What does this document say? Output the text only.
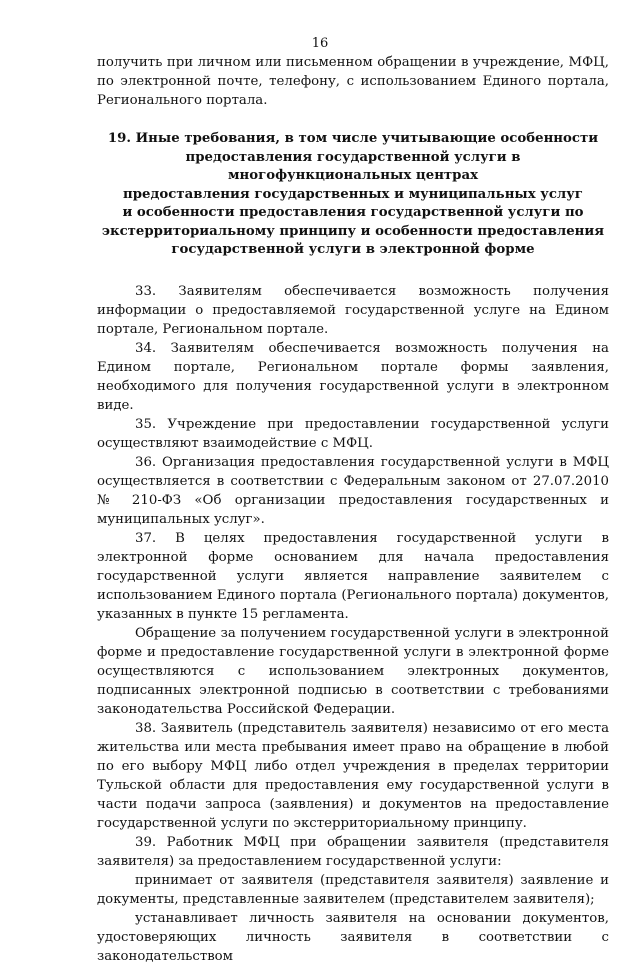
16

получить при личном или письменном обращении в учреждение, МФЦ, по электронной почте, телефону, с использованием Единого портала, Регионального портала.

19. Иные требования, в том числе учитывающие особенности
предоставления государственной услуги в многофункциональных центрах
предоставления государственных и муниципальных услуг
и особенности предоставления государственной услуги по
экстерриториальному принципу и особенности предоставления
государственной услуги в электронной форме

33. Заявителям обеспечивается возможность получения информации о предоставляемой государственной услуге на Едином портале, Региональном портале.

34. Заявителям обеспечивается возможность получения на Едином портале, Региональном портале формы заявления, необходимого для получения государственной услуги в электронном виде.

35. Учреждение при предоставлении государственной услуги осуществляют взаимодействие с МФЦ.

36. Организация предоставления государственной услуги в МФЦ осуществляется в соответствии с Федеральным законом от 27.07.2010 № 210-ФЗ «Об организации предоставления государственных и муниципальных услуг».

37. В целях предоставления государственной услуги в электронной форме основанием для начала предоставления государственной услуги является направление заявителем с использованием Единого портала (Регионального портала) документов, указанных в пункте 15 регламента.

Обращение за получением государственной услуги в электронной форме и предоставление государственной услуги в электронной форме осуществляются с использованием электронных документов, подписанных электронной подписью в соответствии с требованиями законодательства Российской Федерации.

38. Заявитель (представитель заявителя) независимо от его места жительства или места пребывания имеет право на обращение в любой по его выбору МФЦ либо отдел учреждения в пределах территории Тульской области для предоставления ему государственной услуги в части подачи запроса (заявления) и документов на предоставление государственной услуги по экстерриториальному принципу.

39. Работник МФЦ при обращении заявителя (представителя заявителя) за предоставлением государственной услуги:

принимает от заявителя (представителя заявителя) заявление и документы, представленные заявителем (представителем заявителя);

устанавливает личность заявителя на основании документов, удостоверяющих личность заявителя в соответствии с законодательством
